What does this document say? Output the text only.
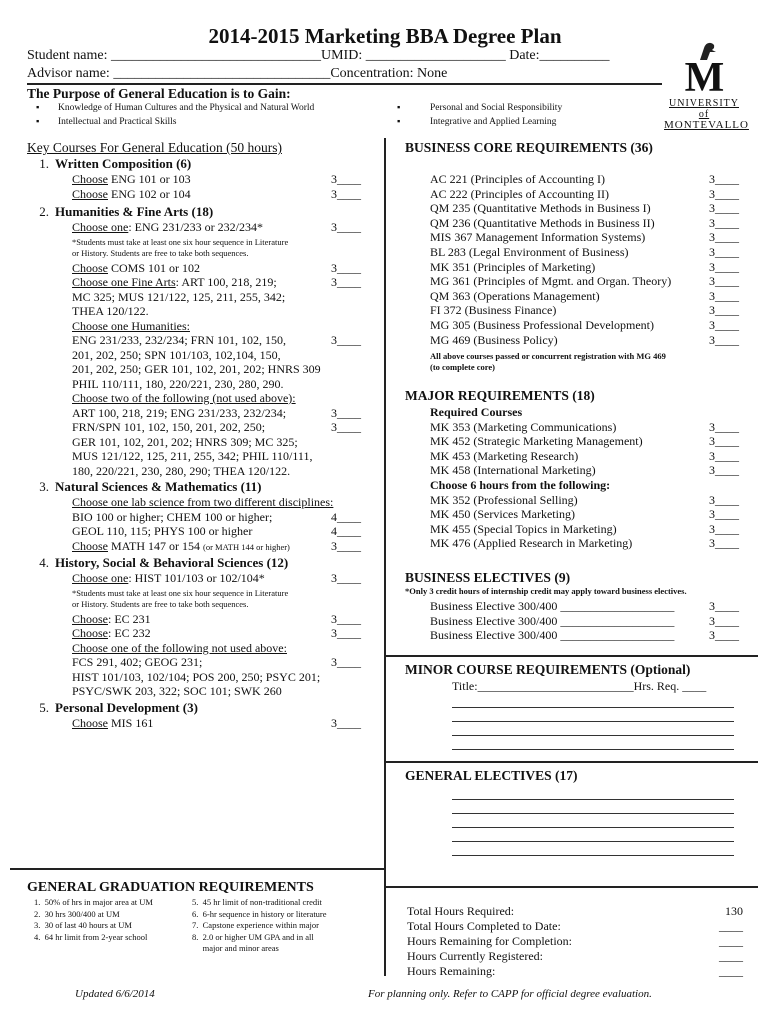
2014-2015 Marketing BBA Degree Plan
Student name: ______________________________UMID: ____________________ Date:__________
Advisor name: _______________________________Concentration: None
The Purpose of General Education is to Gain:
▪ Knowledge of Human Cultures and the Physical and Natural World
▪ Intellectual and Practical Skills
▪	Personal and Social Responsibility
▪	Integrative and Applied Learning
M
UNIVERSITY of
MONTEVALLO
Key Courses For General Education (50 hours)
1. Written Composition (6)
Choose ENG 101 or 103	3____
Choose ENG 102 or 104	3____
2. Humanities & Fine Arts (18)
Choose one: ENG 231/233 or 232/234*	3____
*Students must take at least one six hour sequence in Literature
or History. Students are free to take both sequences.
Choose COMS 101 or 102	3____
Choose one Fine Arts: ART 100, 218, 219;	3____
MC 325; MUS 121/122, 125, 211, 255, 342;
THEA 120/122.
Choose one Humanities:
ENG 231/233, 232/234; FRN 101, 102, 150,	3____
201, 202, 250; SPN 101/103, 102,104, 150,
201, 202, 250; GER 101, 102, 201, 202; HNRS 309
PHIL 110/111, 180, 220/221, 230, 280, 290.
Choose two of the following (not used above):
ART 100, 218, 219; ENG 231/233, 232/234;	3____
FRN/SPN 101, 102, 150, 201, 202, 250;	3____
GER 101, 102, 201, 202; HNRS 309; MC 325;
MUS 121/122, 125, 211, 255, 342; PHIL 110/111,
180, 220/221, 230, 280, 290; THEA 120/122.
3. Natural Sciences & Mathematics (11)
Choose one lab science from two different disciplines:
BIO 100 or higher; CHEM 100 or higher;	4____
GEOL 110, 115; PHYS 100 or higher	4____
Choose MATH 147 or 154 (or MATH 144 or higher)	3____
4. History, Social & Behavioral Sciences (12)
Choose one: HIST 101/103 or 102/104*	3____
*Students must take at least one six hour sequence in Literature
or History. Students are free to take both sequences.
Choose: EC 231	3____
Choose: EC 232	3____
Choose one of the following not used above:
FCS 291, 402; GEOG 231;	3____
HIST 101/103, 102/104; POS 200, 250; PSYC 201;
PSYC/SWK 203, 322; SOC 101; SWK 260
5. Personal Development (3)
Choose MIS 161	3____
BUSINESS CORE REQUIREMENTS (36)
AC 221 (Principles of Accounting I)	3____
AC 222 (Principles of Accounting II)	3____
QM 235 (Quantitative Methods in Business I)	3____
QM 236 (Quantitative Methods in Business II)	3____
MIS 367 Management Information Systems)	3____
BL 283 (Legal Environment of Business)	3____
MK 351 (Principles of Marketing)	3____
MG 361 (Principles of Mgmt. and Organ. Theory)	3____
QM 363 (Operations Management)	3____
FI 372 (Business Finance)	3____
MG 305 (Business Professional Development)	3____
MG 469 (Business Policy)	3____
All above courses passed or concurrent registration with MG 469
(to complete core)
MAJOR REQUIREMENTS (18)
Required Courses
MK 353 (Marketing Communications)	3____
MK 452 (Strategic Marketing Management)	3____
MK 453 (Marketing Research)	3____
MK 458 (International Marketing)	3____
Choose 6 hours from the following:
MK 352 (Professional Selling)	3____
MK 450 (Services Marketing)	3____
MK 455 (Special Topics in Marketing)	3____
MK 476 (Applied Research in Marketing)	3____
BUSINESS ELECTIVES (9)
*Only 3 credit hours of internship credit may apply toward business electives.
Business Elective 300/400 ___________________	3____
Business Elective 300/400 ___________________	3____
Business Elective 300/400 ___________________	3____
MINOR COURSE REQUIREMENTS (Optional)
Title:__________________________Hrs. Req. ____
GENERAL ELECTIVES (17)
GENERAL GRADUATION REQUIREMENTS
1.  50% of hrs in major area at UM
2.  30 hrs 300/400 at UM
3.  30 of last 40 hours at UM
4.  64 hr limit from 2-year school
5.  45 hr limit of non-traditional credit
6.  6-hr sequence in history or literature
7.  Capstone experience within major
8.  2.0 or higher UM GPA and in all
major and minor areas
Total Hours Required:	130
Total Hours Completed to Date:	____
Hours Remaining for Completion:	____
Hours Currently Registered:	____
Hours Remaining:	____
Updated 6/6/2014	For planning only. Refer to CAPP for official degree evaluation.
